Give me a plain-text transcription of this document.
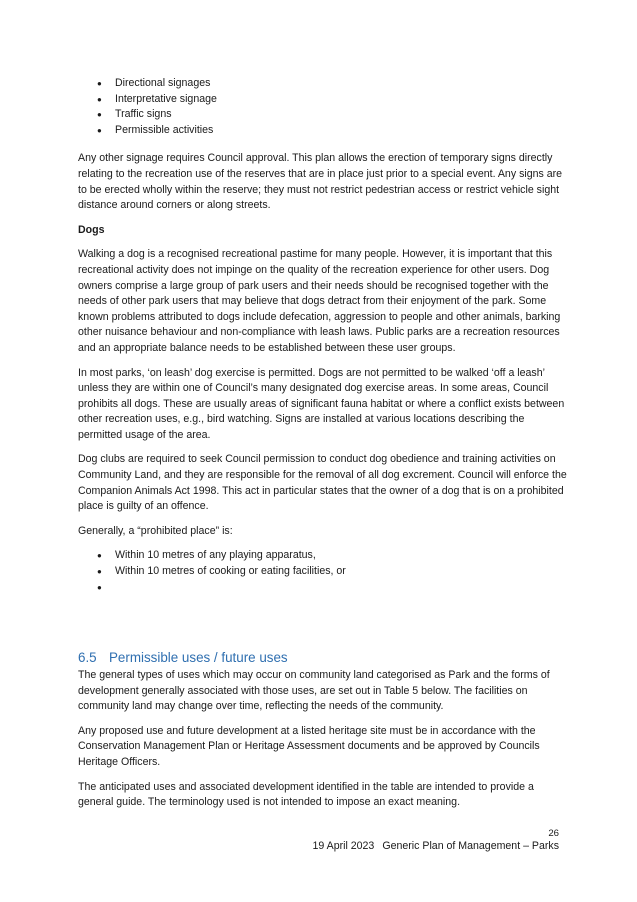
● Directional signages
● Interpretative signage
● Traffic signs
● Permissible activities

Any other signage requires Council approval. This plan allows the erection of temporary signs directly relating to the recreation use of the reserves that are in place just prior to a special event. Any signs are to be erected wholly within the reserve; they must not restrict pedestrian access or restrict vehicle sight distance around corners or along streets.

Dogs

Walking a dog is a recognised recreational pastime for many people. However, it is important that this recreational activity does not impinge on the quality of the recreation experience for other users. Dog owners comprise a large group of park users and their needs should be recognised together with the needs of other park users that may believe that dogs detract from their enjoyment of the park. Some known problems attributed to dogs include defecation, aggression to people and other animals, barking other nuisance behaviour and non-compliance with leash laws. Public parks are a recreation resources and an appropriate balance needs to be established between these user groups.

In most parks, ‘on leash’ dog exercise is permitted. Dogs are not permitted to be walked ‘off a leash’ unless they are within one of Council’s many designated dog exercise areas. In some areas, Council prohibits all dogs. These are usually areas of significant fauna habitat or where a conflict exists between other recreation uses, e.g., bird watching. Signs are installed at various locations describing the permitted usage of the area.

Dog clubs are required to seek Council permission to conduct dog obedience and training activities on Community Land, and they are responsible for the removal of all dog excrement. Council will enforce the Companion Animals Act 1998. This act in particular states that the owner of a dog that is on a prohibited place is guilty of an offence.

Generally, a “prohibited place” is:

● Within 10 metres of any playing apparatus,
● Within 10 metres of cooking or eating facilities, or
●
6.5 Permissible uses / future uses

The general types of uses which may occur on community land categorised as Park and the forms of development generally associated with those uses, are set out in Table 5 below. The facilities on community land may change over time, reflecting the needs of the community.

Any proposed use and future development at a listed heritage site must be in accordance with the Conservation Management Plan or Heritage Assessment documents and be approved by Councils Heritage Officers.

The anticipated uses and associated development identified in the table are intended to provide a general guide. The terminology used is not intended to impose an exact meaning.

26
19 April 2023 Generic Plan of Management – Parks
